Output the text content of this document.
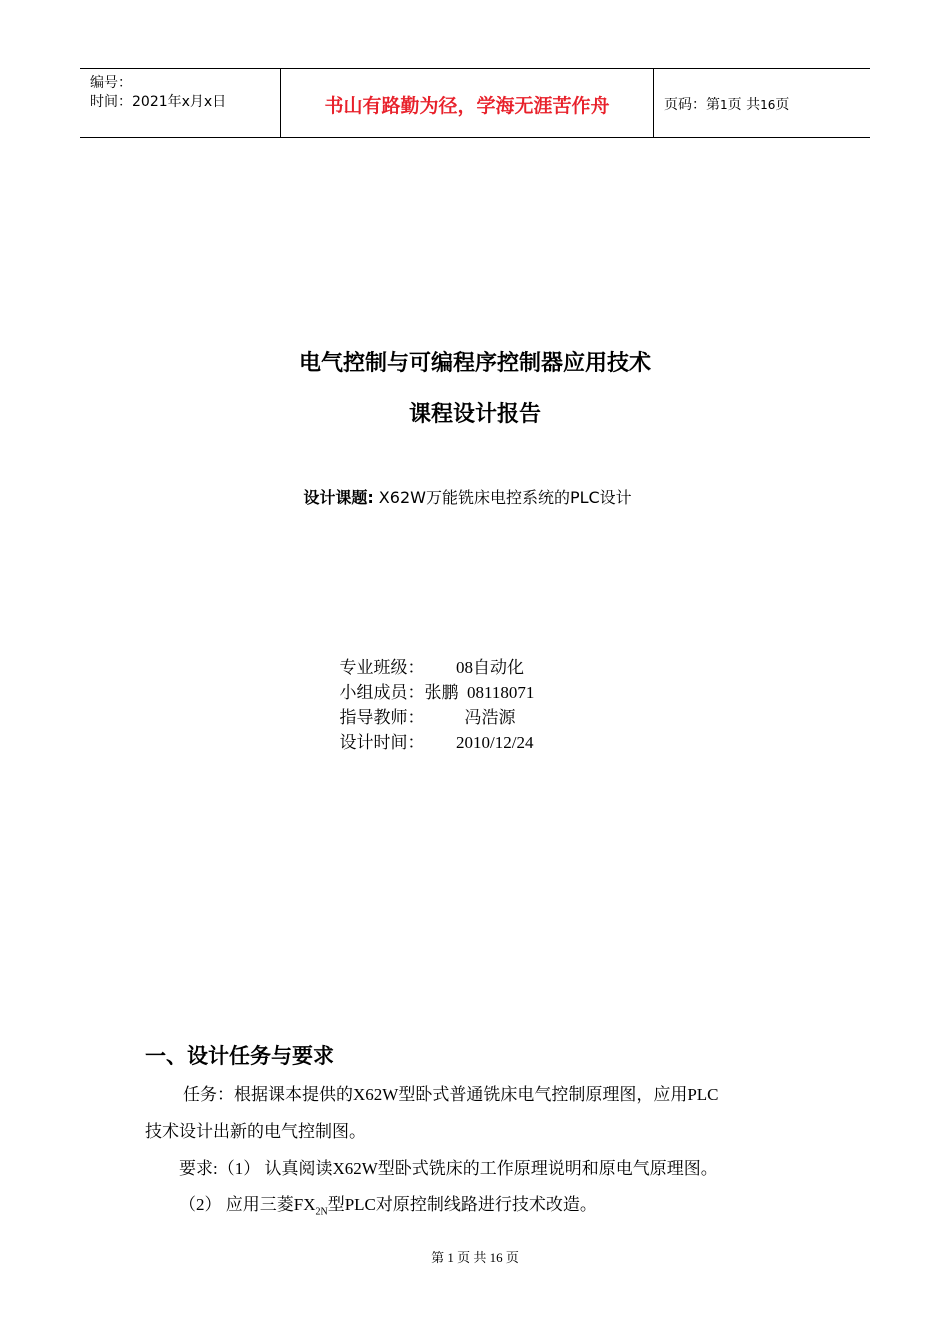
编号：
时间：2021年x月x日	书山有路勤为径，学海无涯苦作舟	页码：第1页 共16页
电气控制与可编程序控制器应用技术
课程设计报告
设计课题: X62W万能铣床电控系统的PLC设计

专业班级：  08自动化

小组成员：张鹏  08118071

指导教师：    冯浩源

设计时间：  2010/12/24

一、设计任务与要求
任务：根据课本提供的X62W型卧式普通铣床电气控制原理图，应用PLC
技术设计出新的电气控制图。
要求:（1） 认真阅读X62W型卧式铣床的工作原理说明和原电气原理图。
（2） 应用三菱$FX_{2N}$型PLC对原控制线路进行技术改造。
第 1 页 共 16 页
